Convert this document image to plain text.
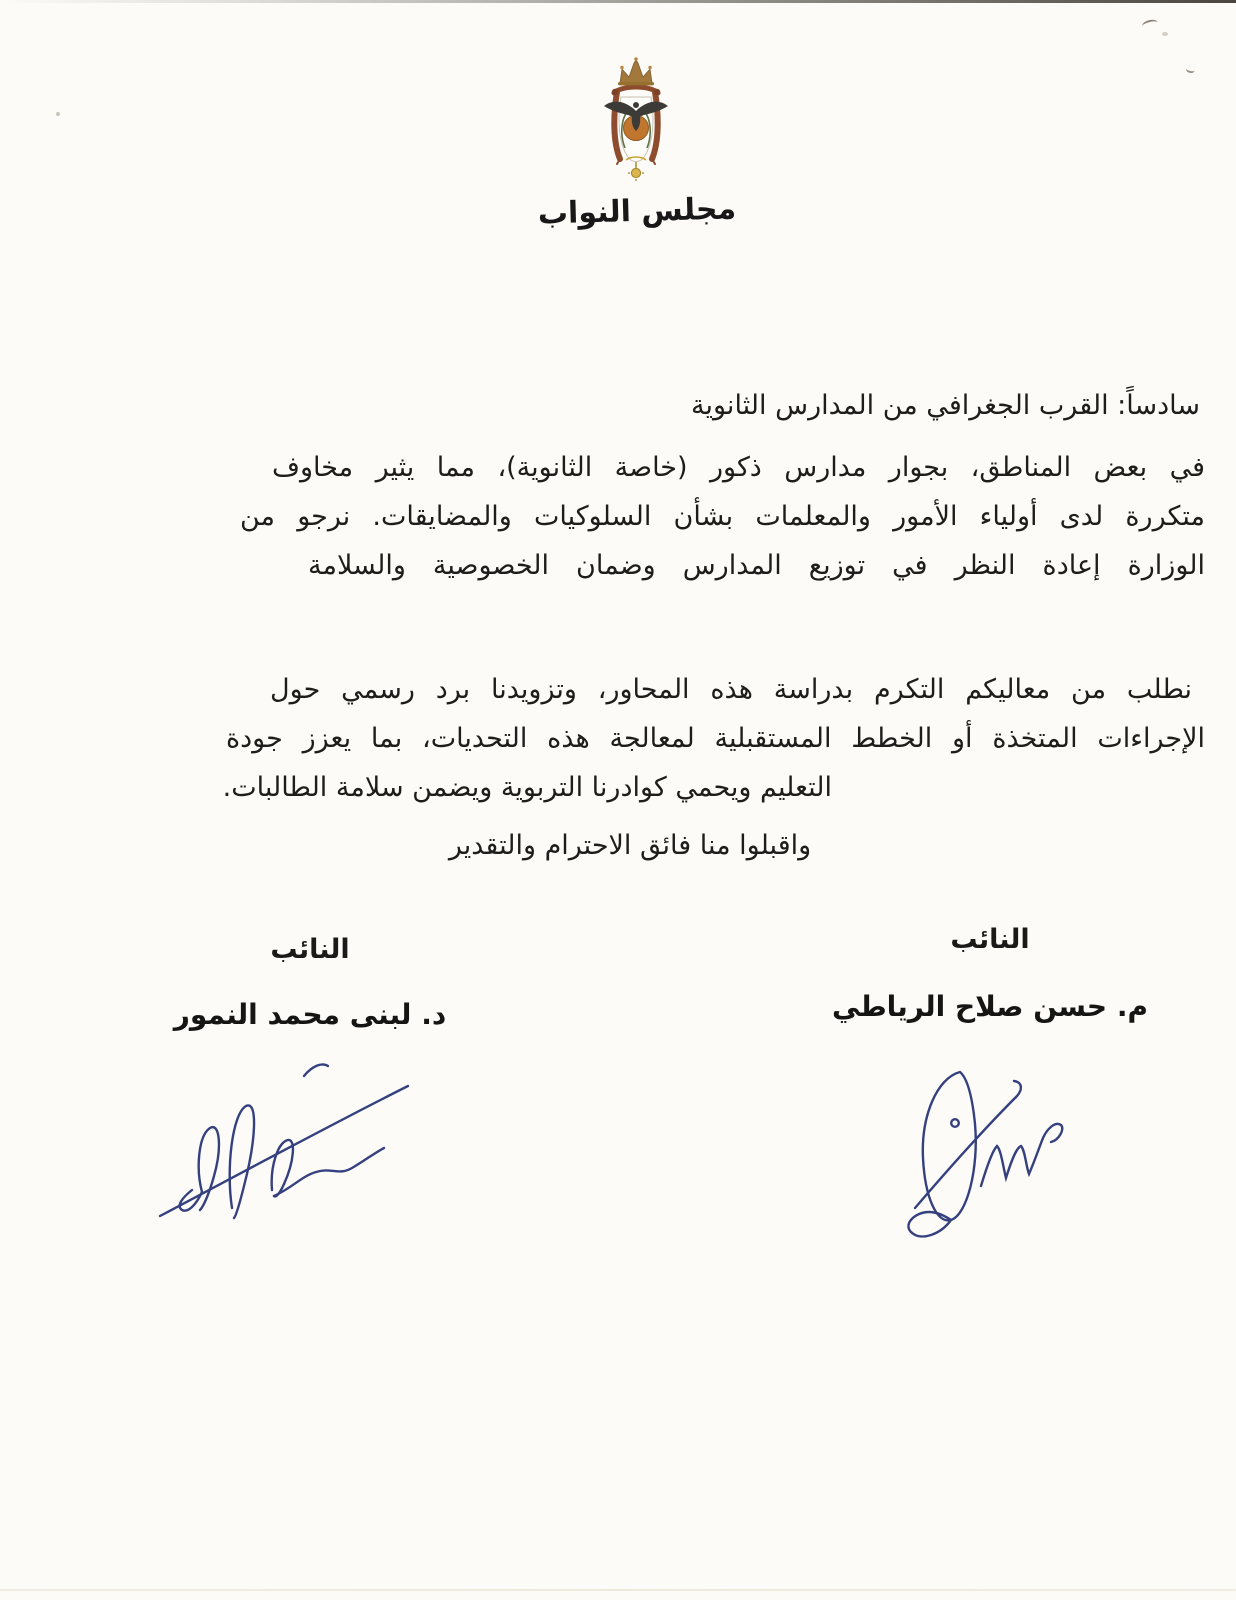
مجلس النواب
سادساً: القرب الجغرافي من المدارس الثانوية
في بعض المناطق، بجوار مدارس ذكور (خاصة الثانوية)، مما يثير مخاوف
متكررة لدى أولياء الأمور والمعلمات بشأن السلوكيات والمضايقات. نرجو من
الوزارة إعادة النظر في توزيع المدارس وضمان الخصوصية والسلامة
نطلب من معاليكم التكرم بدراسة هذه المحاور، وتزويدنا برد رسمي حول
الإجراءات المتخذة أو الخطط المستقبلية لمعالجة هذه التحديات، بما يعزز جودة
التعليم ويحمي كوادرنا التربوية ويضمن سلامة الطالبات.
واقبلوا منا فائق الاحترام والتقدير
النائب
م. حسن صلاح الرياطي
النائب
د. لبنى محمد النمور
